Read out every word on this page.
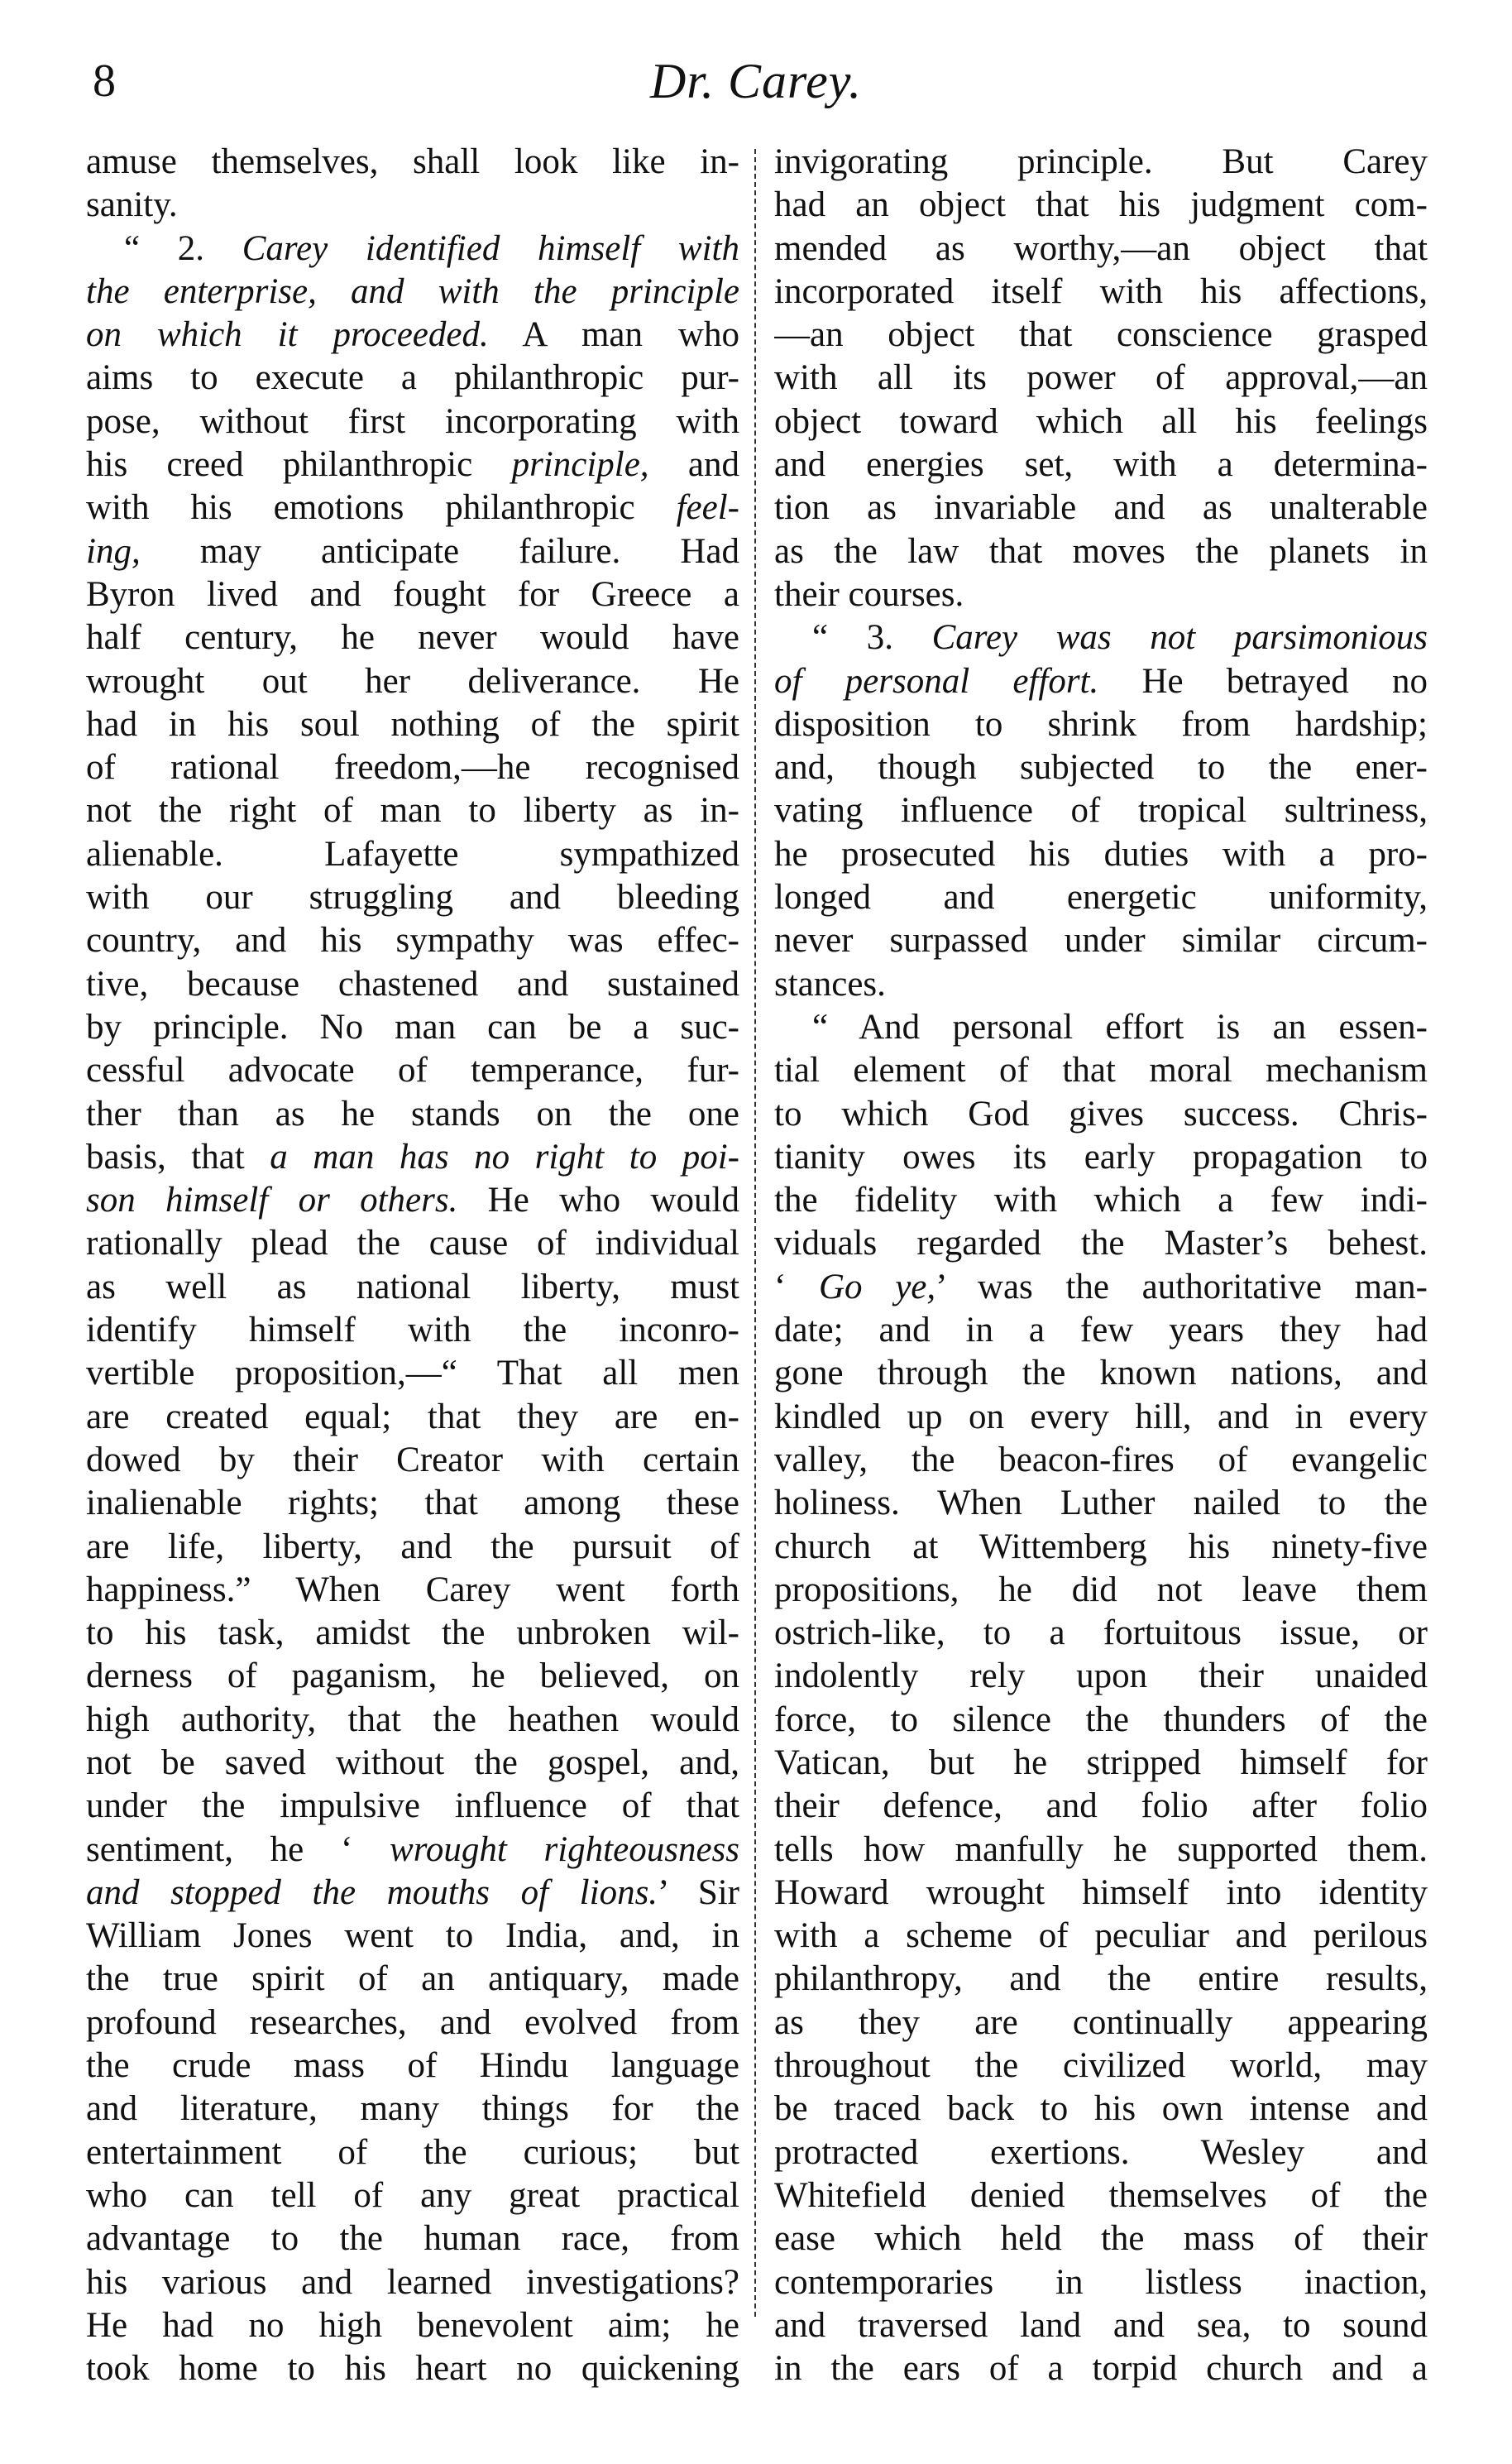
8	Dr. Carey.
amuse themselves, shall look like in-
sanity.
“ 2. Carey identified himself with
the enterprise, and with the principle
on which it proceeded. A man who
aims to execute a philanthropic pur-
pose, without first incorporating with
his creed philanthropic principle, and
with his emotions philanthropic feel-
ing, may anticipate failure. Had
Byron lived and fought for Greece a
half century, he never would have
wrought out her deliverance. He
had in his soul nothing of the spirit
of rational freedom,—he recognised
not the right of man to liberty as in-
alienable. Lafayette sympathized
with our struggling and bleeding
country, and his sympathy was effec-
tive, because chastened and sustained
by principle. No man can be a suc-
cessful advocate of temperance, fur-
ther than as he stands on the one
basis, that a man has no right to poi-
son himself or others. He who would
rationally plead the cause of individual
as well as national liberty, must
identify himself with the inconro-
vertible proposition,—“ That all men
are created equal; that they are en-
dowed by their Creator with certain
inalienable rights; that among these
are life, liberty, and the pursuit of
happiness.” When Carey went forth
to his task, amidst the unbroken wil-
derness of paganism, he believed, on
high authority, that the heathen would
not be saved without the gospel, and,
under the impulsive influence of that
sentiment, he ‘ wrought righteousness
and stopped the mouths of lions.’ Sir
William Jones went to India, and, in
the true spirit of an antiquary, made
profound researches, and evolved from
the crude mass of Hindu language
and literature, many things for the
entertainment of the curious; but
who can tell of any great practical
advantage to the human race, from
his various and learned investigations?
He had no high benevolent aim; he
took home to his heart no quickening
invigorating principle. But Carey
had an object that his judgment com-
mended as worthy,—an object that
incorporated itself with his affections,
—an object that conscience grasped
with all its power of approval,—an
object toward which all his feelings
and energies set, with a determina-
tion as invariable and as unalterable
as the law that moves the planets in
their courses.
“ 3. Carey was not parsimonious
of personal effort. He betrayed no
disposition to shrink from hardship;
and, though subjected to the ener-
vating influence of tropical sultriness,
he prosecuted his duties with a pro-
longed and energetic uniformity,
never surpassed under similar circum-
stances.
“ And personal effort is an essen-
tial element of that moral mechanism
to which God gives success. Chris-
tianity owes its early propagation to
the fidelity with which a few indi-
viduals regarded the Master’s behest.
‘ Go ye,’ was the authoritative man-
date; and in a few years they had
gone through the known nations, and
kindled up on every hill, and in every
valley, the beacon-fires of evangelic
holiness. When Luther nailed to the
church at Wittemberg his ninety-five
propositions, he did not leave them
ostrich-like, to a fortuitous issue, or
indolently rely upon their unaided
force, to silence the thunders of the
Vatican, but he stripped himself for
their defence, and folio after folio
tells how manfully he supported them.
Howard wrought himself into identity
with a scheme of peculiar and perilous
philanthropy, and the entire results,
as they are continually appearing
throughout the civilized world, may
be traced back to his own intense and
protracted exertions. Wesley and
Whitefield denied themselves of the
ease which held the mass of their
contemporaries in listless inaction,
and traversed land and sea, to sound
in the ears of a torpid church and a
